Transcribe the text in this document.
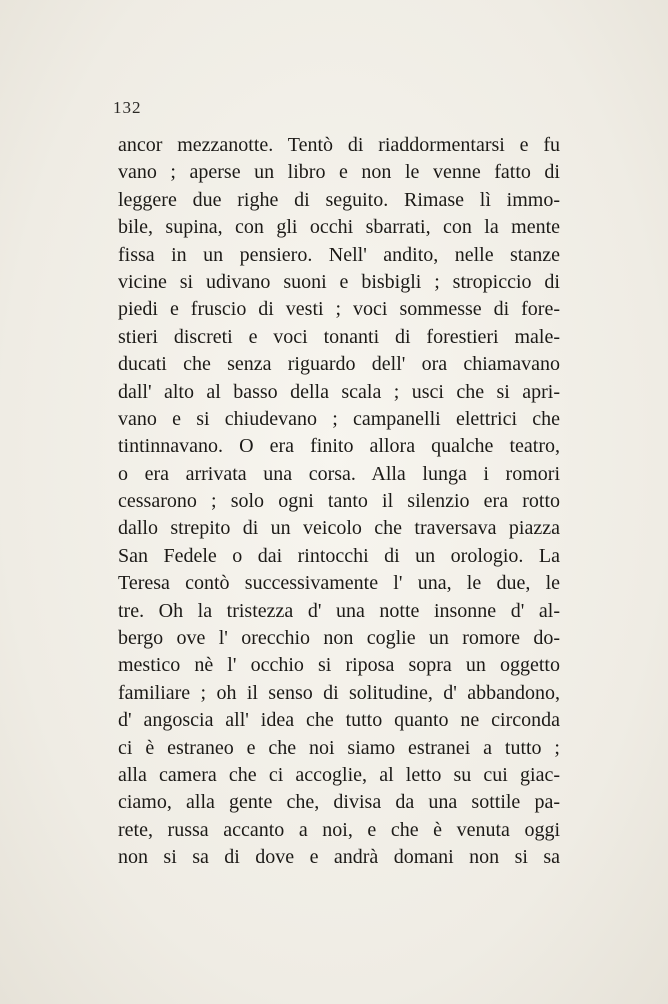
132
ancor mezzanotte. Tentò di riaddormentarsi e fu
vano ; aperse un libro e non le venne fatto di
leggere due righe di seguito. Rimase lì immo-
bile, supina, con gli occhi sbarrati, con la mente
fissa in un pensiero. Nell' andito, nelle stanze
vicine si udivano suoni e bisbigli ; stropiccio di
piedi e fruscio di vesti ; voci sommesse di fore-
stieri discreti e voci tonanti di forestieri male-
ducati che senza riguardo dell' ora chiamavano
dall' alto al basso della scala ; usci che si apri-
vano e si chiudevano ; campanelli elettrici che
tintinnavano. O era finito allora qualche teatro,
o era arrivata una corsa. Alla lunga i romori
cessarono ; solo ogni tanto il silenzio era rotto
dallo strepito di un veicolo che traversava piazza
San Fedele o dai rintocchi di un orologio. La
Teresa contò successivamente l' una, le due, le
tre. Oh la tristezza d' una notte insonne d' al-
bergo ove l' orecchio non coglie un romore do-
mestico nè l' occhio si riposa sopra un oggetto
familiare ; oh il senso di solitudine, d' abbandono,
d' angoscia all' idea che tutto quanto ne circonda
ci è estraneo e che noi siamo estranei a tutto ;
alla camera che ci accoglie, al letto su cui giac-
ciamo, alla gente che, divisa da una sottile pa-
rete, russa accanto a noi, e che è venuta oggi
non si sa di dove e andrà domani non si sa
